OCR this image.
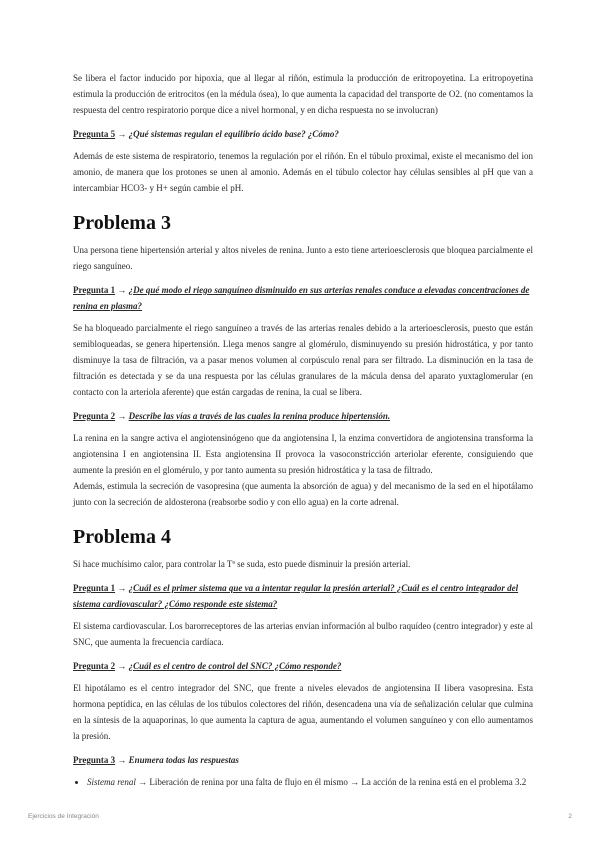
Se libera el factor inducido por hipoxia, que al llegar al riñón, estimula la producción de eritropoyetina. La eritropoyetina estimula la producción de eritrocitos (en la médula ósea), lo que aumenta la capacidad del transporte de O2. (no comentamos la respuesta del centro respiratorio porque dice a nivel hormonal, y en dicha respuesta no se involucran)

Pregunta 5 → ¿Qué sistemas regulan el equilibrio ácido base? ¿Cómo?

Además de este sistema de respiratorio, tenemos la regulación por el riñón. En el túbulo proximal, existe el mecanismo del ion amonio, de manera que los protones se unen al amonio. Además en el túbulo colector hay células sensibles al pH que van a intercambiar HCO3- y H+ según cambie el pH.

Problema 3

Una persona tiene hipertensión arterial y altos niveles de renina. Junto a esto tiene arterioesclerosis que bloquea parcialmente el riego sanguíneo.

Pregunta 1 → ¿De qué modo el riego sanguíneo disminuido en sus arterias renales conduce a elevadas concentraciones de renina en plasma?

Se ha bloqueado parcialmente el riego sanguíneo a través de las arterias renales debido a la arterioesclerosis, puesto que están semibloqueadas, se genera hipertensión. Llega menos sangre al glomérulo, disminuyendo su presión hidrostática, y por tanto disminuye la tasa de filtración, va a pasar menos volumen al corpúsculo renal para ser filtrado. La disminución en la tasa de filtración es detectada y se da una respuesta por las células granulares de la mácula densa del aparato yuxtaglomerular (en contacto con la arteriola aferente) que están cargadas de renina, la cual se libera.

Pregunta 2 → Describe las vías a través de las cuales la renina produce hipertensión.

La renina en la sangre activa el angiotensinógeno que da angiotensina I, la enzima convertidora de angiotensina transforma la angiotensina I en angiotensina II. Esta angiotensina II provoca la vasoconstricción arteriolar eferente, consiguiendo que aumente la presión en el glomérulo, y por tanto aumenta su presión hidrostática y la tasa de filtrado.

Además, estimula la secreción de vasopresina (que aumenta la absorción de agua) y del mecanismo de la sed en el hipotálamo junto con la secreción de aldosterona (reabsorbe sodio y con ello agua) en la corte adrenal.

Problema 4

Si hace muchísimo calor, para controlar la Tª se suda, esto puede disminuir la presión arterial.

Pregunta 1 → ¿Cuál es el primer sistema que va a intentar regular la presión arterial? ¿Cuál es el centro integrador del sistema cardiovascular? ¿Cómo responde este sistema?

El sistema cardiovascular. Los barorreceptores de las arterias envían información al bulbo raquídeo (centro integrador) y este al SNC, que aumenta la frecuencia cardíaca.

Pregunta 2 → ¿Cuál es el centro de control del SNC? ¿Cómo responde?

El hipotálamo es el centro integrador del SNC, que frente a niveles elevados de angiotensina II libera vasopresina. Esta hormona peptídica, en las células de los túbulos colectores del riñón, desencadena una vía de señalización celular que culmina en la síntesis de la aquaporinas, lo que aumenta la captura de agua, aumentando el volumen sanguíneo y con ello aumentamos la presión.

Pregunta 3 → Enumera todas las respuestas
• Sistema renal → Liberación de renina por una falta de flujo en él mismo → La acción de la renina está en el problema 3.2
Ejercicios de Integración	2
